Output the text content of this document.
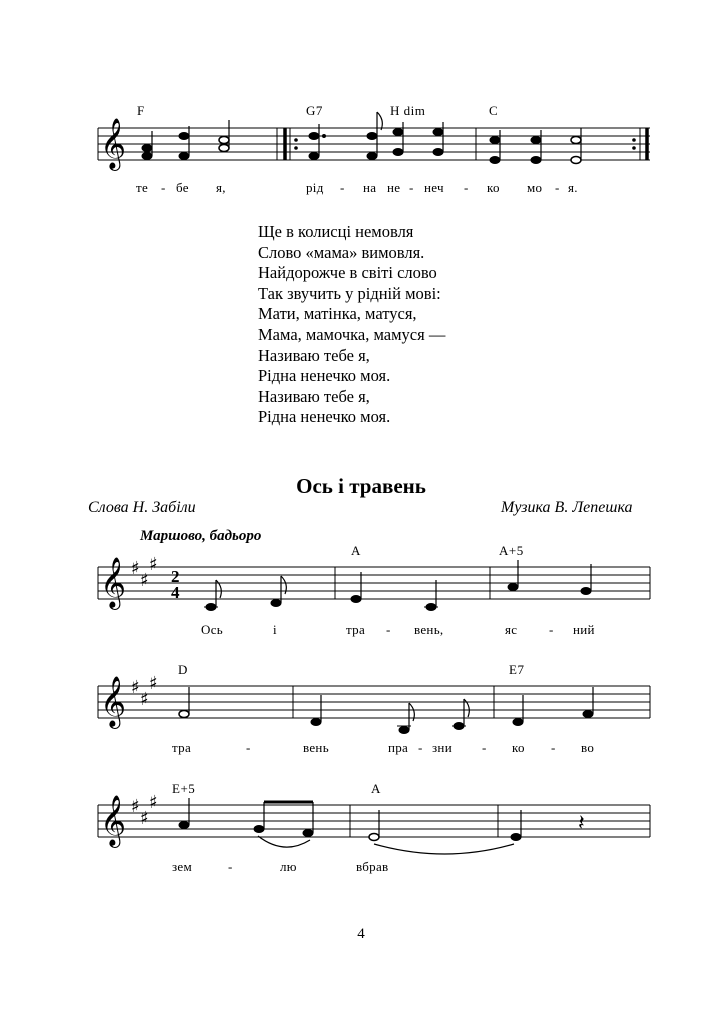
F	G7	H dim	C
𝄞
те - бе я,	рід - на не - неч - ко мо - я.
Ще в колисці немовля
Слово «мама» вимовля.
Найдорожче в світі слово
Так звучить у рідній мові:
Мати, матінка, матуся,
Мама, мамочка, мамуся —
Називаю тебе я,
Рідна ненечко моя.
Називаю тебе я,
Рідна ненечко моя.
Ось і травень
Слова Н. Забіли	Музика В. Лепешка
Маршово, бадьоро
A	A+5
𝄞 ♯
♯
♯
2
4
Ось	і	тра - вень,	яс - ний
D	E7
𝄞 ♯
♯
♯
тра	-	вень	пра - зни - ко - во
E+5	A
𝄞 ♯
♯
♯
𝄽
зем	-	лю	вбрав
4
